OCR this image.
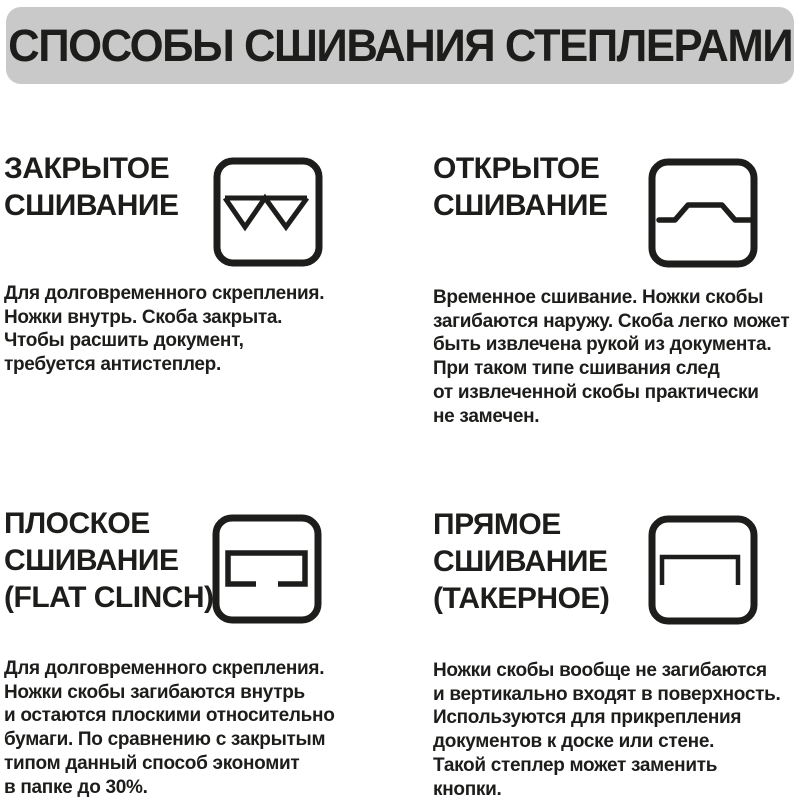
СПОСОБЫ СШИВАНИЯ СТЕПЛЕРАМИ
ЗАКРЫТОЕ
СШИВАНИЕ
Для долговременного скрепления.
Ножки внутрь. Скоба закрыта.
Чтобы расшить документ,
требуется антистеплер.
ОТКРЫТОЕ
СШИВАНИЕ
Временное сшивание. Ножки скобы
загибаются наружу. Скоба легко может
быть извлечена рукой из документа.
При таком типе сшивания след
от извлеченной скобы практически
не замечен.
ПЛОСКОЕ
СШИВАНИЕ
(FLAT CLINCH)
Для долговременного скрепления.
Ножки скобы загибаются внутрь
и остаются плоскими относительно
бумаги. По сравнению с закрытым
типом данный способ экономит
в папке до 30%.
ПРЯМОЕ
СШИВАНИЕ
(ТАКЕРНОЕ)
Ножки скобы вообще не загибаются
и вертикально входят в поверхность.
Используются для прикрепления
документов к доске или стене.
Такой степлер может заменить
кнопки.
